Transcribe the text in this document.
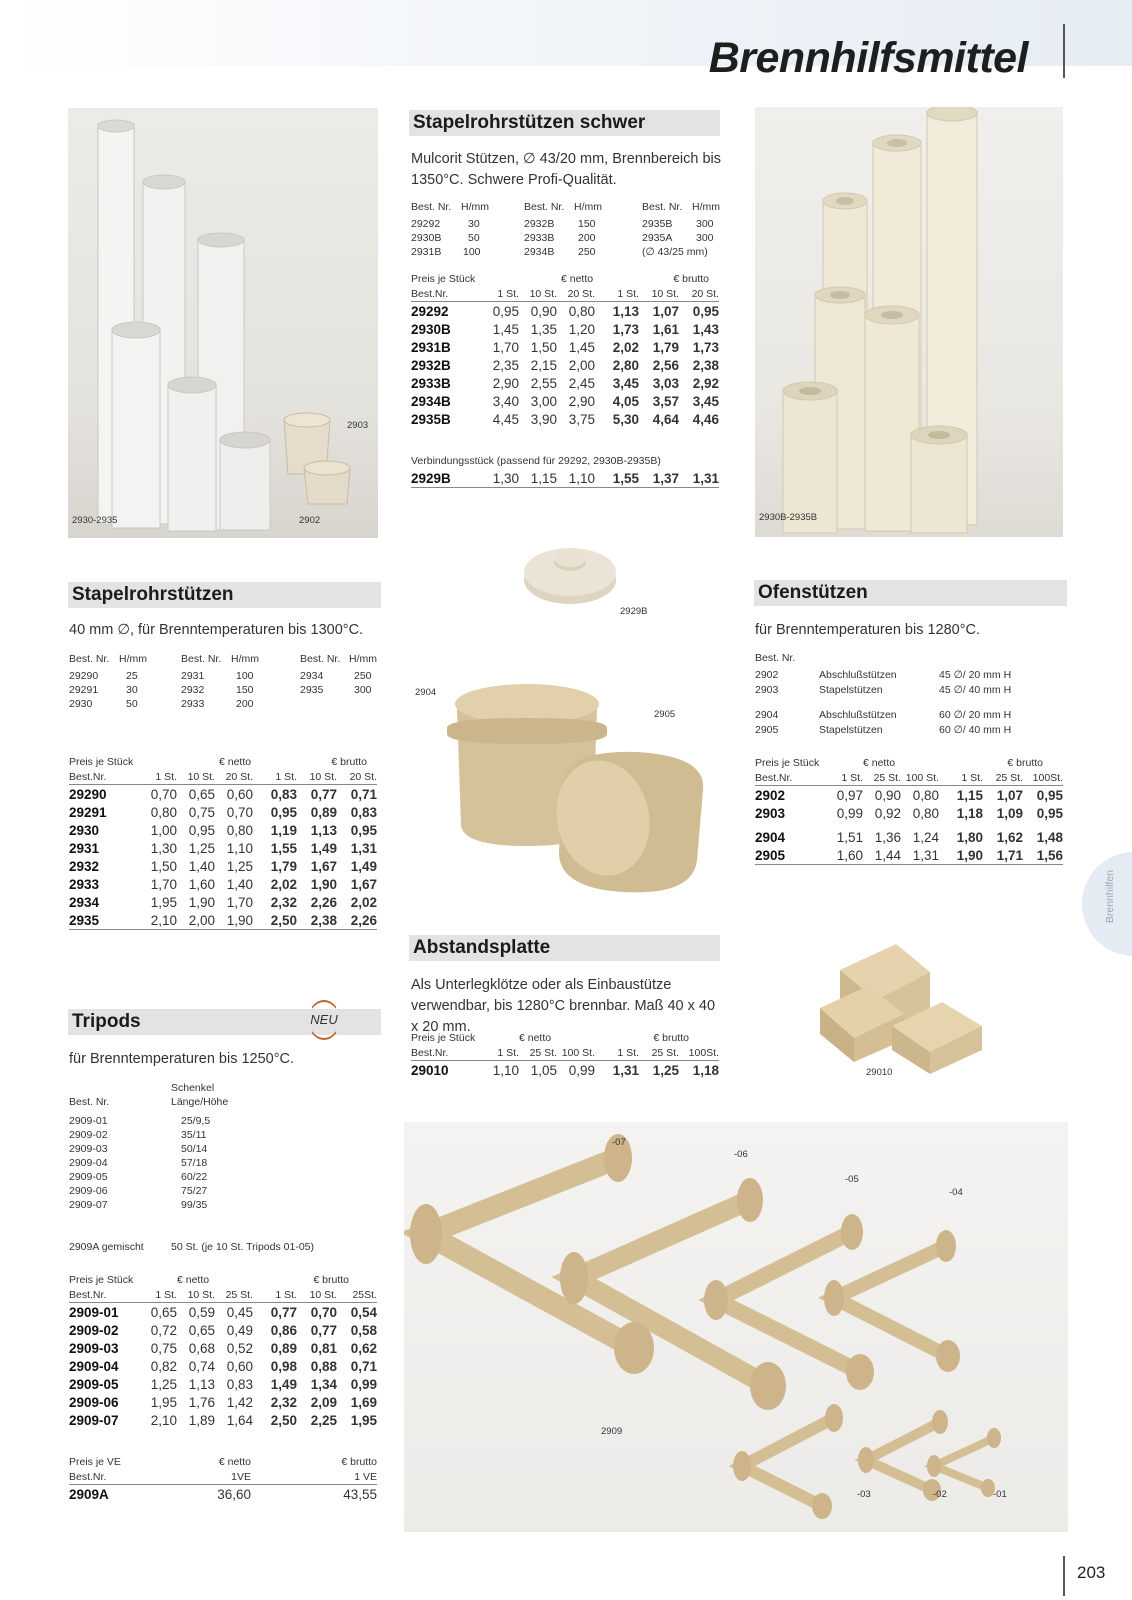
Brennhilfsmittel
2930-2935	2902
2903
Stapelrohrstützen schwer
Mulcorit Stützen, ∅ 43/20 mm, Brennbereich bis 1350°C. Schwere Profi-Qualität.
Best. Nr. H/mm	Best. Nr. H/mm	Best. Nr. H/mm
29292	30	2932B 150	2935B 300
2930B	50	2933B 200	2935A 300
2931B 100	2934B 250	(∅ 43/25 mm)
Preis je Stück			€ netto		€ brutto	
Best.Nr.	1 St.	10 St.	20 St.	1 St.	10 St.	20 St.
29292	0,95	0,90	0,80	1,13	1,07	0,95
2930B	1,45	1,35	1,20	1,73	1,61	1,43
2931B	1,70	1,50	1,45	2,02	1,79	1,73
2932B	2,35	2,15	2,00	2,80	2,56	2,38
2933B	2,90	2,55	2,45	3,45	3,03	2,92
2934B	3,40	3,00	2,90	4,05	3,57	3,45
2935B	4,45	3,90	3,75	5,30	4,64	4,46
Verbindungsstück (passend für 29292, 2930B-2935B)
2929B	1,30	1,15	1,10	1,55	1,37	1,31
2930B-2935B
2929B
Stapelrohrstützen
40 mm ∅, für Brenntemperaturen bis 1300°C.
Best. Nr. H/mm	Best. Nr. H/mm	Best. Nr. H/mm
29290	25	2931	100	2934	250
29291	30	2932	150	2935	300
2930	50	2933	200
Preis je Stück			€ netto		€ brutto	
Best.Nr.	1 St.	10 St.	20 St.	1 St.	10 St.	20 St.
29290	0,70	0,65	0,60	0,83	0,77	0,71
29291	0,80	0,75	0,70	0,95	0,89	0,83
2930	1,00	0,95	0,80	1,19	1,13	0,95
2931	1,30	1,25	1,10	1,55	1,49	1,31
2932	1,50	1,40	1,25	1,79	1,67	1,49
2933	1,70	1,60	1,40	2,02	1,90	1,67
2934	1,95	1,90	1,70	2,32	2,26	2,02
2935	2,10	2,00	1,90	2,50	2,38	2,26
2904
2905
Ofenstützen
für Brenntemperaturen bis 1280°C.
Best. Nr.
2902	Abschlußstützen	45 ∅/ 20 mm H
2903	Stapelstützen	45 ∅/ 40 mm H
2904	Abschlußstützen	60 ∅/ 20 mm H
2905	Stapelstützen	60 ∅/ 40 mm H
Preis je Stück		€ netto		€ brutto		
Best.Nr.	1 St.	25 St.	100 St.	1 St.	25 St.	100St.
2902	0,97	0,90	0,80	1,15	1,07	0,95
2903	0,99	0,92	0,80	1,18	1,09	0,95

2904	1,51	1,36	1,24	1,80	1,62	1,48
2905	1,60	1,44	1,31	1,90	1,71	1,56
Brennhilfen
29010
Abstandsplatte
Als Unterlegklötze oder als Einbaustütze verwendbar, bis 1280°C brennbar. Maß 40 x 40 x 20 mm.
Preis je Stück		€ netto		€ brutto		
Best.Nr.	1 St.	25 St.	100 St.	1 St.	25 St.	100St.
29010	1,10	1,05	0,99	1,31	1,25	1,18
Tripods	NEU
für Brenntemperaturen bis 1250°C.
Schenkel
Best. Nr.	Länge/Höhe
2909-01	25/9,5
2909-02	35/11
2909-03	50/14
2909-04	57/18
2909-05	60/22
2909-06	75/27
2909-07	99/35
2909A gemischt	50 St. (je 10 St. Tripods 01-05)
Preis je Stück		€ netto		€ brutto		
Best.Nr.	1 St.	10 St.	25 St.	1 St.	10 St.	25St.
2909-01	0,65	0,59	0,45	0,77	0,70	0,54
2909-02	0,72	0,65	0,49	0,86	0,77	0,58
2909-03	0,75	0,68	0,52	0,89	0,81	0,62
2909-04	0,82	0,74	0,60	0,98	0,88	0,71
2909-05	1,25	1,13	0,83	1,49	1,34	0,99
2909-06	1,95	1,76	1,42	2,32	2,09	1,69
2909-07	2,10	1,89	1,64	2,50	2,25	1,95
Preis je VE	€ netto	€ brutto
Best.Nr.	1VE	1 VE
2909A	36,60	43,55
-07
-06
-05
-04
-03	-02	-01
2909
203
